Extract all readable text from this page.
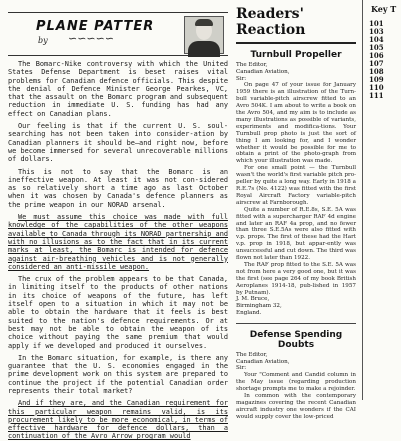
PLANE PATTER
by ∽∽∽∽∽

The Bomarc-Nike controversy with which the United States Defense Department is beset raises vital problems for Canadian defence officials. This despite the denial of Defence Minister George Pearkes, VC, that the assault on the Bomarc program and subsequent reduction in immediate U. S. funding has had any effect on Canadian plans.

Our feeling is that if the current U. S. soul-searching has not been taken into consider-ation by Canadian planners it should be—and right now, before we become immersed for several unrecoverable millions of dollars.

This is not to say that the Bomarc is an ineffective weapon. At least it was not con-sidered as so relatively short a time ago as last October when it was chosen by Canada's defence planners as the prime weapon in our NORAD arsenal.

We must assume this choice was made with full knowledge of the capabilities of the other weapons available to Canada through its NORAD partnership and with no illusions as to the fact that in its current marks at least, the Bomarc is intended for defence against air-breathing vehicles and is not generally considered an anti-missile weapon.

The crux of the problem appears to be that Canada, in limiting itself to the products of other nations in its choice of weapons of the future, has left itself open to a situation in which it may not be able to obtain the hardware that it feels is best suited to the nation's defence requirements. Or at best may not be able to obtain the weapon of its choice without paying the same premium that would apply if we developed and produced it ourselves.

In the Bomarc situation, for example, is there any guarantee that the U. S. economies engaged in the prime development work on this system are prepared to continue the project if the potential Canadian order represents their total market?

And if they are, and the Canadian requirement for this particular weapon remains valid, is its procurement likely to be more economical, in terms of effective hardware for defence dollars, than a continuation of the Avro Arrow program would

Readers' Reaction
Turnbull Propeller

The Editor,

Canadian Aviation,

Sir:

On page 47 of your issue for January 1959 there is an illustration of the Turn-bull variable-pitch airscrew fitted to an Avro 504K. I am about to write a book on the Avro 504, and my aim is to include as many illustrations as possible of variants, experiments and modifica-tions. Your Turnbull prop photo is just the sort of thing I am looking for, and I wonder whether it would be possible for me to obtain a print of the photo-graph from which your illustration was made.

For one small point — the Turnbull wasn't the world's first variable pitch pro-peller by quite a long way. Early in 1918 a R.E.7s (No. 4122) was fitted with the first Royal Aircraft Factory variable-pitch airscrew at Farnborough.

Quite a number of R.E.8s, S.E. 5A was fitted with a supercharger RAF 4d engine and later an RAF 4a prop, and no fewer than three S.E.5As were also fitted with v.p. props. The first of these had the Hart v.p. prop in 1918, but appar-ently was unsuccessful and cut down. The third was flown not later than 1922.

The RAF prop fitted to the S.E. 5A was not from here a very good one, but it was the first (see page 264 of my book British Aeroplanes 1914-18, pub-lished in 1957 by Putnam).

J. M. Bruce,

Birmingham 32,

England.

Defense Spending Doubts

The Editor,

Canadian Aviation,

Sir:

Your "Comment and Candid column in the May issue (regarding production shortage prompts me to make a rejoinder.

In common with the contemporary magazines covering the recent Canadian aircraft industry one wonders if the CAI would supply cover the low-priced

Key T

101

103

104

105

106

107

108

109

110

111
